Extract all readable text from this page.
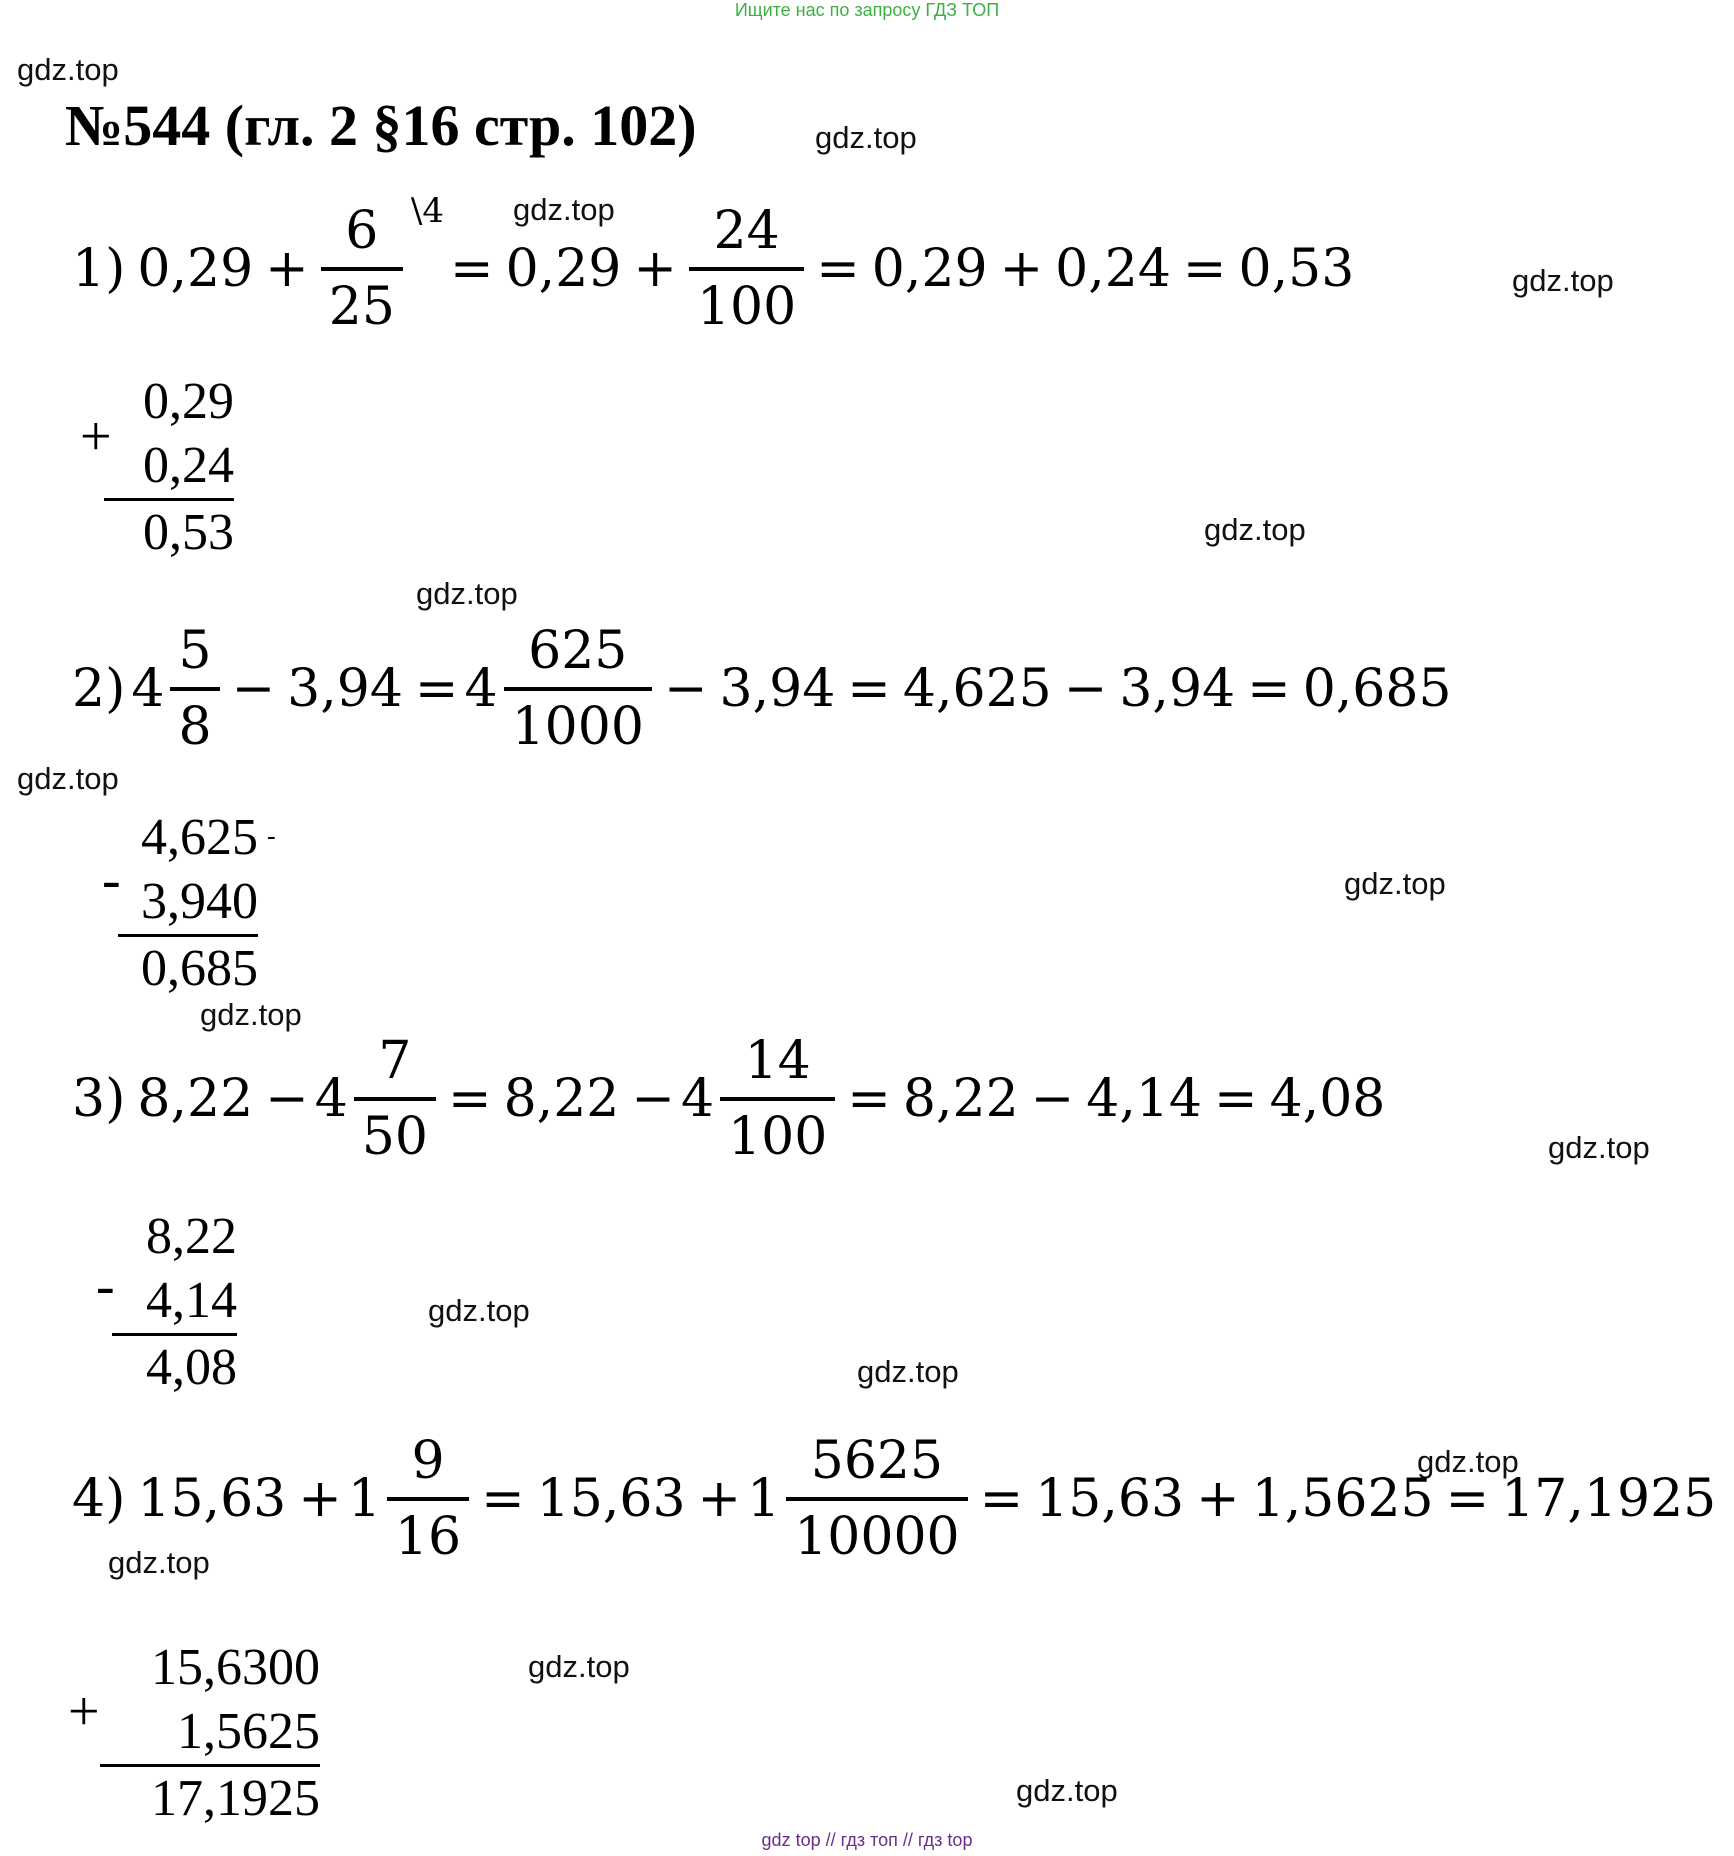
Ищите нас по запросу ГДЗ ТОП
gdz.top
gdz.top
gdz.top
gdz.top
gdz.top
gdz.top
gdz.top
gdz.top
gdz.top
gdz.top
gdz.top
gdz.top
gdz.top
gdz.top
gdz.top
gdz.top
№544 (гл. 2 §16 стр. 102)
1) $0,29 + \frac{6}{25}$ \4
= $0,29 + \frac{24}{100} = 0,29 + 0,24 = 0,53$
+
0,29
0,24
0,53
2) $4 \frac{5}{8} - 3,94 = 4 \frac{625}{1000} - 3,94 = 4,625 - 3,94 = 0,685$
-
4,625
3,940
0,685
-
3) $8,22 - 4 \frac{7}{50} = 8,22 - 4 \frac{14}{100} = 8,22 - 4,14 = 4,08$
-
8,22
4,14
4,08
4) $15,63 + 1 \frac{9}{16} = 15,63 + 1 \frac{5625}{10000} = 15,63 + 1,5625 = 17,1925$
+
15,6300
1,5625
17,1925
gdz top // гдз топ // гдз top
